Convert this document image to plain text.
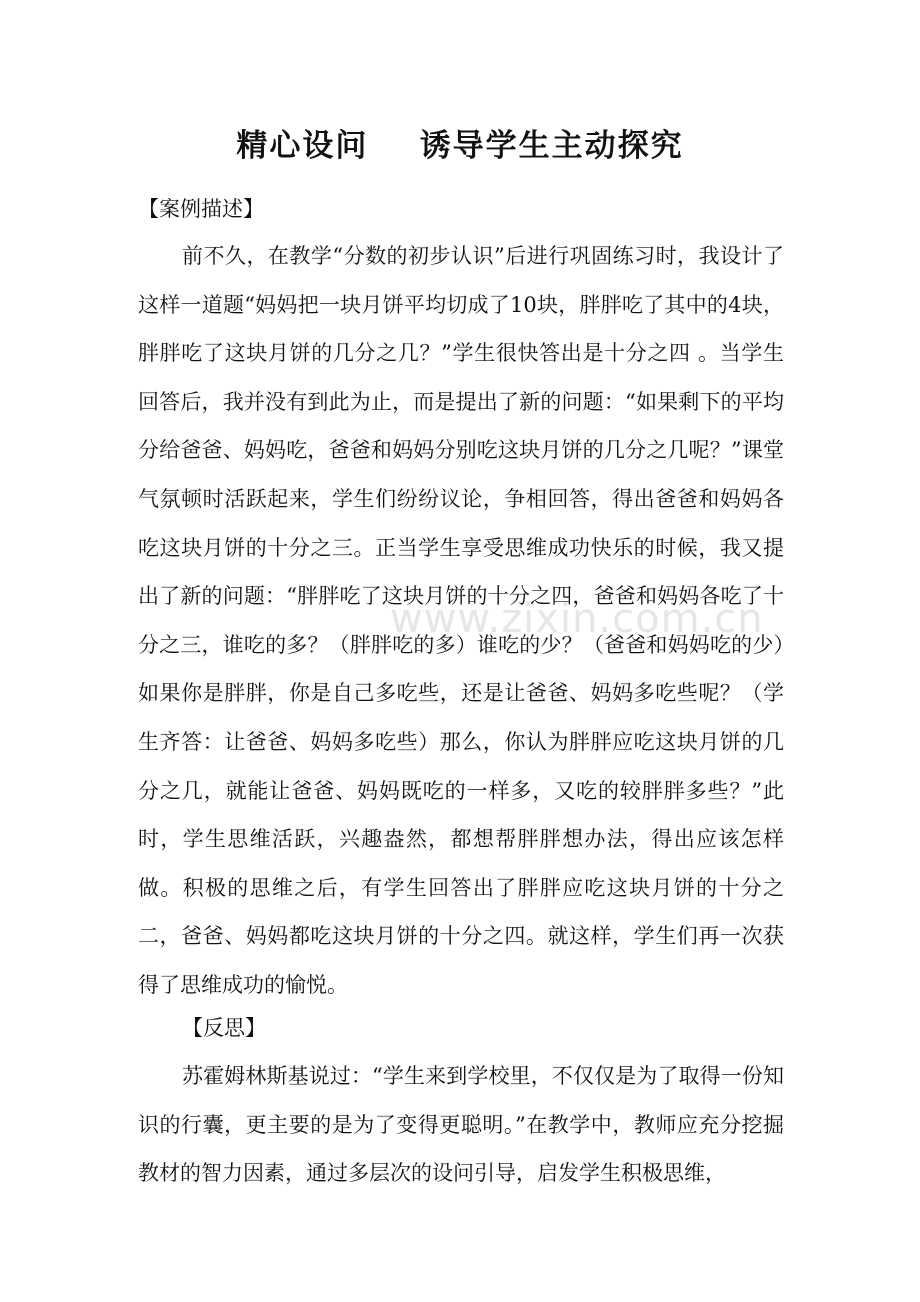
www.zixin.com.cn
精心设问    诱导学生主动探究
【案例描述】

前不久，在教学“分数的初步认识”后进行巩固练习时，我设计了这样一道题“妈妈把一块月饼平均切成了10块，胖胖吃了其中的4块，胖胖吃了这块月饼的几分之几？”学生很快答出是十分之四 。当学生回答后，我并没有到此为止，而是提出了新的问题：“如果剩下的平均分给爸爸、妈妈吃，爸爸和妈妈分别吃这块月饼的几分之几呢？”课堂气氛顿时活跃起来，学生们纷纷议论，争相回答，得出爸爸和妈妈各吃这块月饼的十分之三。正当学生享受思维成功快乐的时候，我又提出了新的问题：“胖胖吃了这块月饼的十分之四，爸爸和妈妈各吃了十分之三，谁吃的多？（胖胖吃的多）谁吃的少？（爸爸和妈妈吃的少）如果你是胖胖，你是自己多吃些，还是让爸爸、妈妈多吃些呢？（学生齐答：让爸爸、妈妈多吃些）那么，你认为胖胖应吃这块月饼的几分之几，就能让爸爸、妈妈既吃的一样多，又吃的较胖胖多些？”此时，学生思维活跃，兴趣盎然，都想帮胖胖想办法，得出应该怎样做。积极的思维之后，有学生回答出了胖胖应吃这块月饼的十分之二，爸爸、妈妈都吃这块月饼的十分之四。就这样，学生们再一次获得了思维成功的愉悦。

【反思】

苏霍姆林斯基说过：“学生来到学校里，不仅仅是为了取得一份知识的行囊，更主要的是为了变得更聪明。”在教学中，教师应充分挖掘教材的智力因素，通过多层次的设问引导，启发学生积极思维，
